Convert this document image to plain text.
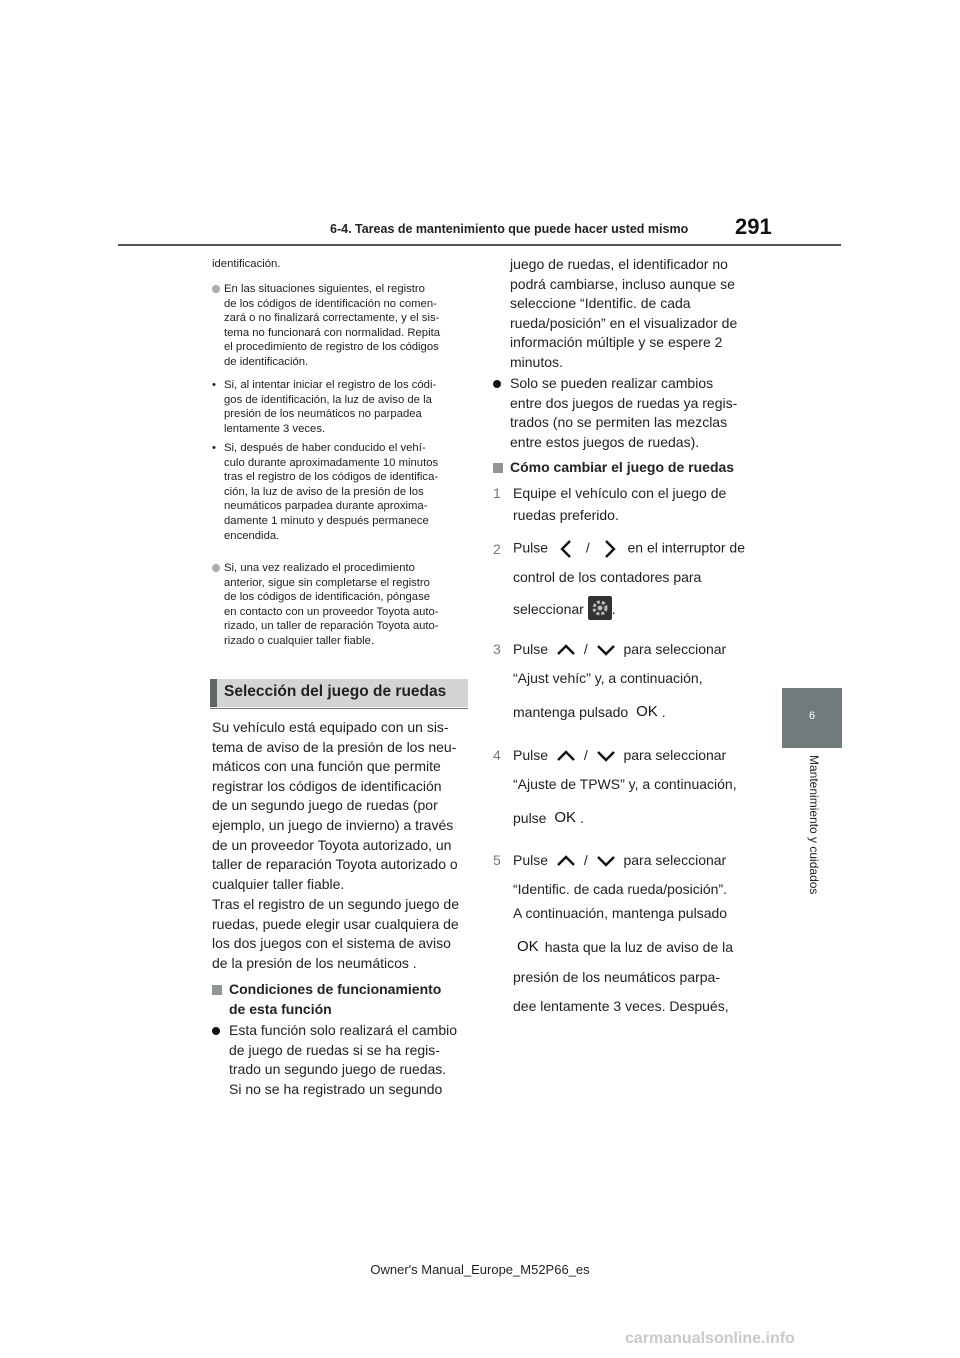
6-4. Tareas de mantenimiento que puede hacer usted mismo 291
6
Mantenimiento y cuidados
identificación.
En las situaciones siguientes, el registro
de los códigos de identificación no comen-
zará o no finalizará correctamente, y el sis-
tema no funcionará con normalidad. Repita
el procedimiento de registro de los códigos
de identificación.
• Si, al intentar iniciar el registro de los códi-
gos de identificación, la luz de aviso de la
presión de los neumáticos no parpadea
lentamente 3 veces.
• Si, después de haber conducido el vehí-
culo durante aproximadamente 10 minutos
tras el registro de los códigos de identifica-
ción, la luz de aviso de la presión de los
neumáticos parpadea durante aproxima-
damente 1 minuto y después permanece
encendida.
Si, una vez realizado el procedimiento
anterior, sigue sin completarse el registro
de los códigos de identificación, póngase
en contacto con un proveedor Toyota auto-
rizado, un taller de reparación Toyota auto-
rizado o cualquier taller fiable.
Selección del juego de ruedas
Su vehículo está equipado con un sis-
tema de aviso de la presión de los neu-
máticos con una función que permite
registrar los códigos de identificación
de un segundo juego de ruedas (por
ejemplo, un juego de invierno) a través
de un proveedor Toyota autorizado, un
taller de reparación Toyota autorizado o
cualquier taller fiable.
Tras el registro de un segundo juego de
ruedas, puede elegir usar cualquiera de
los dos juegos con el sistema de aviso
de la presión de los neumáticos .
Condiciones de funcionamiento
de esta función
Esta función solo realizará el cambio
de juego de ruedas si se ha regis-
trado un segundo juego de ruedas.
Si no se ha registrado un segundo
juego de ruedas, el identificador no
podrá cambiarse, incluso aunque se
seleccione “Identific. de cada
rueda/posición” en el visualizador de
información múltiple y se espere 2
minutos.
Solo se pueden realizar cambios
entre dos juegos de ruedas ya regis-
trados (no se permiten las mezclas
entre estos juegos de ruedas).
Cómo cambiar el juego de ruedas
1 Equipe el vehículo con el juego de
ruedas preferido.
2 Pulse	/	en el interruptor de
control de los contadores para
seleccionar .
3 Pulse	/	para seleccionar
“Ajust vehíc” y, a continuación,
mantenga pulsado OK .
4 Pulse	/	para seleccionar
“Ajuste de TPWS” y, a continuación,
pulse OK .
5 Pulse	/	para seleccionar
“Identific. de cada rueda/posición”.
A continuación, mantenga pulsado
OK hasta que la luz de aviso de la
presión de los neumáticos parpa-
dee lentamente 3 veces. Después,
Owner's Manual_Europe_M52P66_es
carmanualsonline.info
